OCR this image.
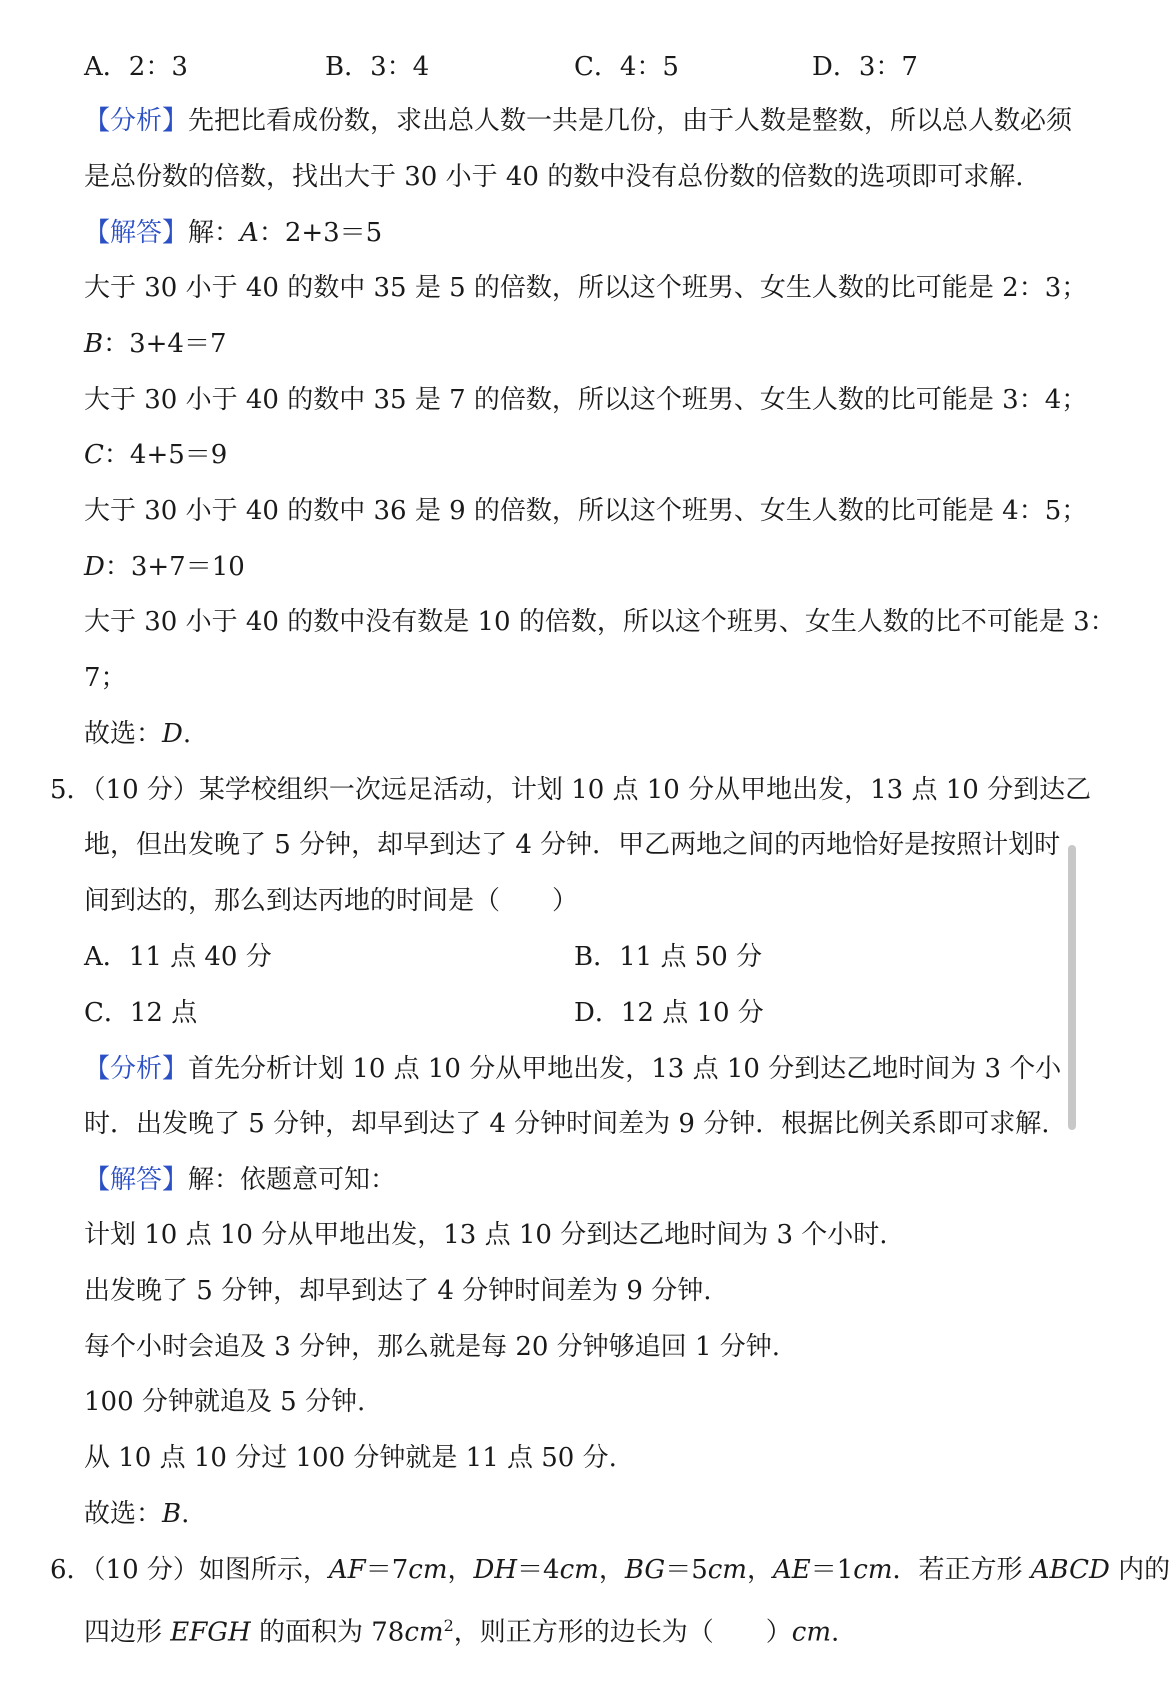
A．2：3	B．3：4	C．4：5	D．3：7
【分析】先把比看成份数，求出总人数一共是几份，由于人数是整数，所以总人数必须
是总份数的倍数，找出大于 30 小于 40 的数中没有总份数的倍数的选项即可求解.
【解答】解：A：2+3＝5
大于 30 小于 40 的数中 35 是 5 的倍数，所以这个班男、女生人数的比可能是 2：3；
B：3+4＝7
大于 30 小于 40 的数中 35 是 7 的倍数，所以这个班男、女生人数的比可能是 3：4；
C：4+5＝9
大于 30 小于 40 的数中 36 是 9 的倍数，所以这个班男、女生人数的比可能是 4：5；
D：3+7＝10
大于 30 小于 40 的数中没有数是 10 的倍数，所以这个班男、女生人数的比不可能是 3：
7；
故选：D.
5．（10 分）某学校组织一次远足活动，计划 10 点 10 分从甲地出发，13 点 10 分到达乙
地，但出发晚了 5 分钟，却早到达了 4 分钟．甲乙两地之间的丙地恰好是按照计划时
间到达的，那么到达丙地的时间是（　　）
A．11 点 40 分	B．11 点 50 分
C．12 点	D．12 点 10 分
【分析】首先分析计划 10 点 10 分从甲地出发，13 点 10 分到达乙地时间为 3 个小
时．出发晚了 5 分钟，却早到达了 4 分钟时间差为 9 分钟．根据比例关系即可求解.
【解答】解：依题意可知：
计划 10 点 10 分从甲地出发，13 点 10 分到达乙地时间为 3 个小时.
出发晚了 5 分钟，却早到达了 4 分钟时间差为 9 分钟.
每个小时会追及 3 分钟，那么就是每 20 分钟够追回 1 分钟.
100 分钟就追及 5 分钟.
从 10 点 10 分过 100 分钟就是 11 点 50 分.
故选：B.
6．（10 分）如图所示，AF＝7cm，DH＝4cm，BG＝5cm，AE＝1cm．若正方形 ABCD 内的
四边形 EFGH 的面积为 $78cm^2$，则正方形的边长为（　　）cm.
